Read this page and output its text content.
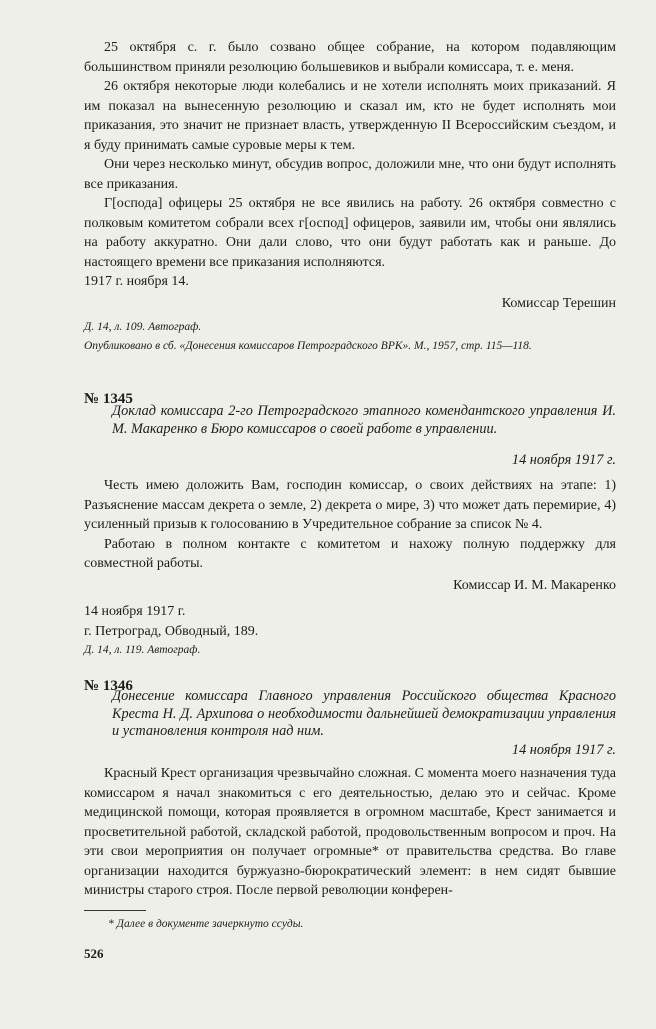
25 октября с. г. было созвано общее собрание, на котором подавляющим большинством приняли резолюцию большевиков и выбрали комиссара, т. е. меня.

26 октября некоторые люди колебались и не хотели исполнять моих приказаний. Я им показал на вынесенную резолюцию и сказал им, кто не будет исполнять мои приказания, это значит не признает власть, утвержденную II Всероссийским съездом, и я буду принимать самые суровые меры к тем.

Они через несколько минут, обсудив вопрос, доложили мне, что они будут исполнять все приказания.

Г[оспода] офицеры 25 октября не все явились на работу. 26 октября совместно с полковым комитетом собрали всех г[оспод] офицеров, заявили им, чтобы они являлись на работу аккуратно. Они дали слово, что они будут работать как и раньше. До настоящего времени все приказания исполняются.

1917 г. ноября 14.

Комиссар Терешин
Д. 14, л. 109. Автограф.
Опубликовано в сб. «Донесения комиссаров Петроградского ВРК». М., 1957, стр. 115—118.
№ 1345
Доклад комиссара 2-го Петроградского этапного комендантского управления И. М. Макаренко в Бюро комиссаров о своей работе в управлении.
14 ноября 1917 г.

Честь имею доложить Вам, господин комиссар, о своих действиях на этапе: 1) Разъяснение массам декрета о земле, 2) декрета о мире, 3) что может дать перемирие, 4) усиленный призыв к голосованию в Учредительное собрание за список № 4.

Работаю в полном контакте с комитетом и нахожу полную поддержку для совместной работы.

Комиссар И. М. Макаренко

14 ноября 1917 г.

г. Петроград, Обводный, 189.

Д. 14, л. 119. Автограф.
№ 1346
Донесение комиссара Главного управления Российского общества Красного Креста Н. Д. Архипова о необходимости дальнейшей демократизации управления и установления контроля над ним.
14 ноября 1917 г.

Красный Крест организация чрезвычайно сложная. С момента моего назначения туда комиссаром я начал знакомиться с его деятельностью, делаю это и сейчас. Кроме медицинской помощи, которая проявляется в огромном масштабе, Крест занимается и просветительной работой, складской работой, продовольственным вопросом и проч. На эти свои мероприятия он получает огромные* от правительства средства. Во главе организации находится буржуазно-бюрократический элемент: в нем сидят бывшие министры старого строя. После первой революции конферен-

* Далее в документе зачеркнуто ссуды.
526
